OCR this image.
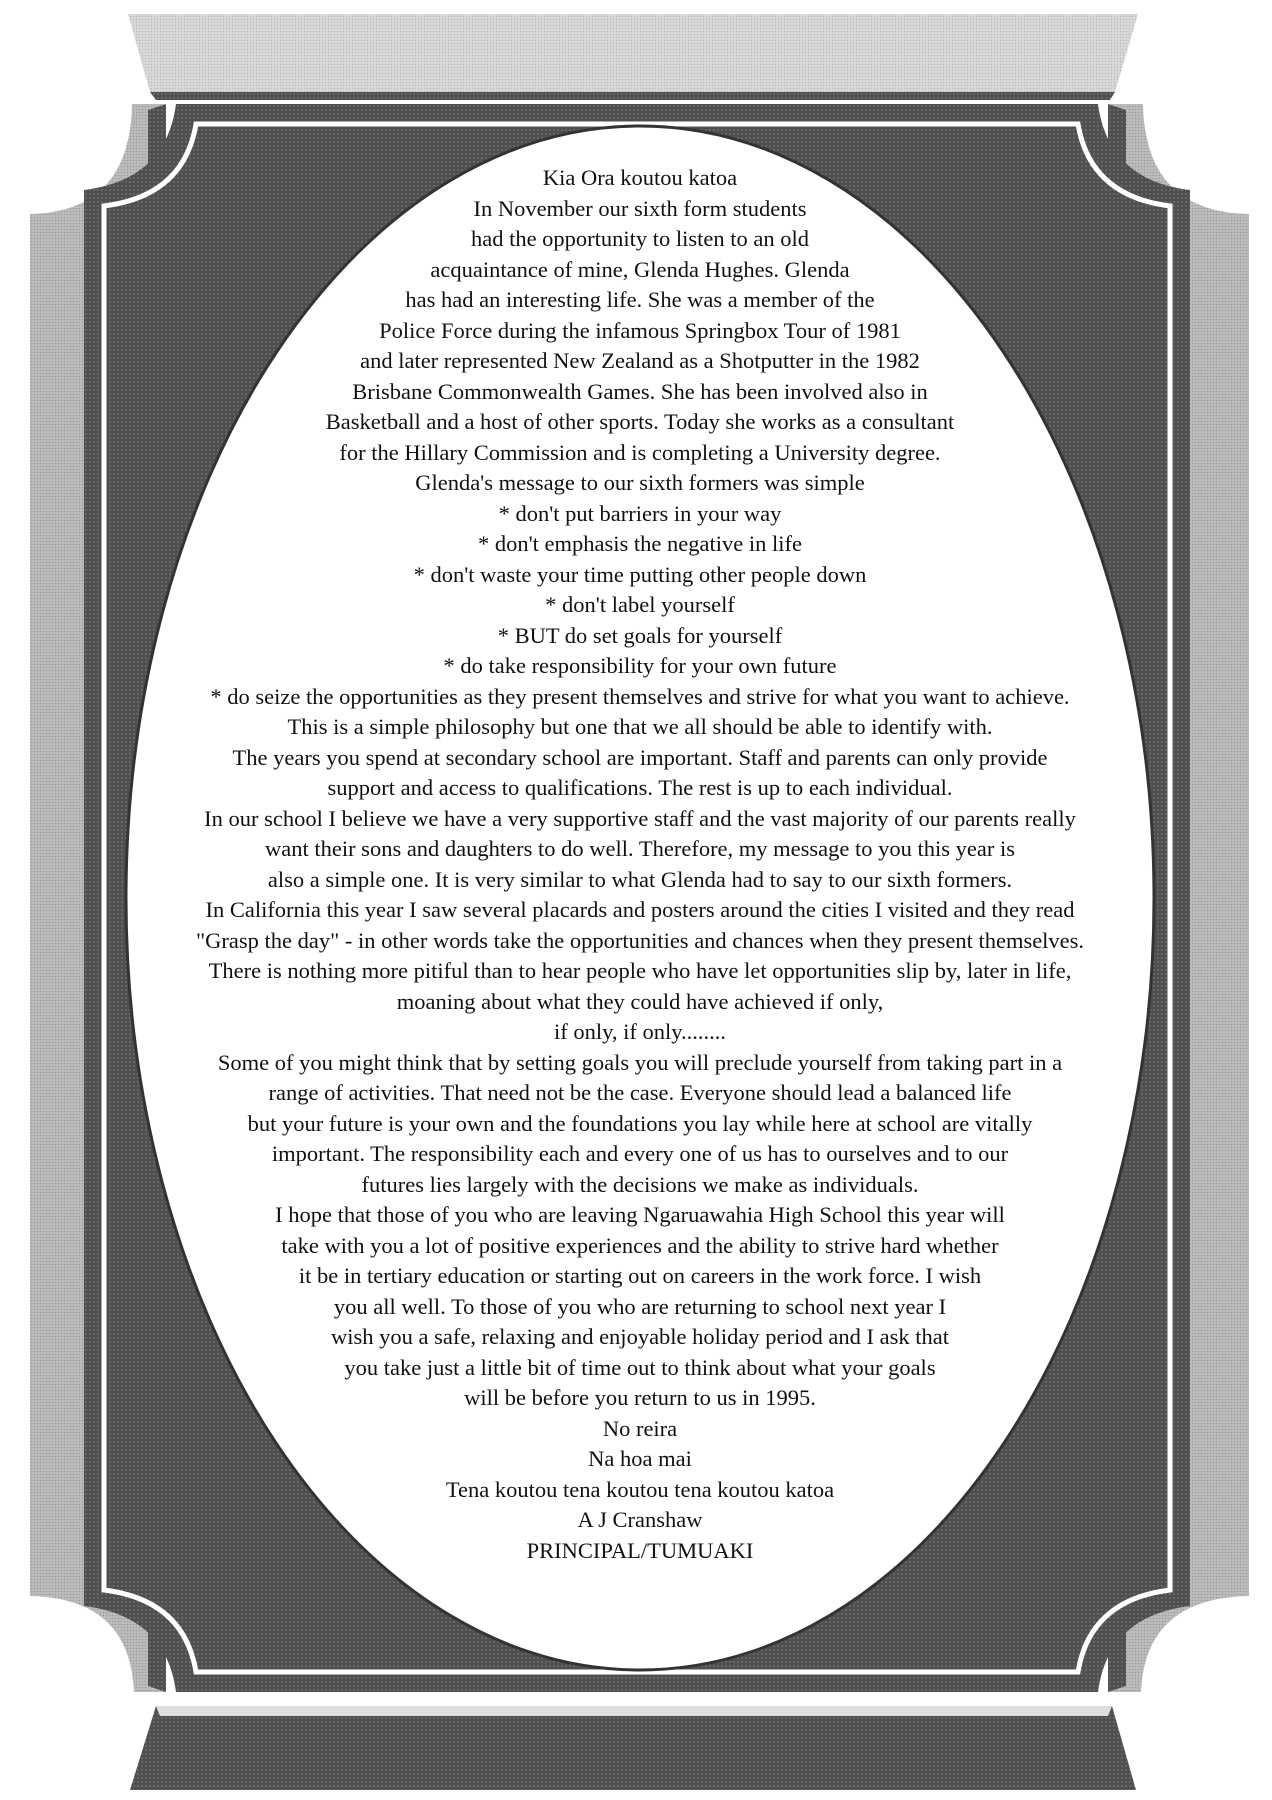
Kia Ora koutou katoa
In November our sixth form students
had the opportunity to listen to an old
acquaintance of mine, Glenda Hughes. Glenda
has had an interesting life. She was a member of the
Police Force during the infamous Springbox Tour of 1981
and later represented New Zealand as a Shotputter in the 1982
Brisbane Commonwealth Games. She has been involved also in
Basketball and a host of other sports. Today she works as a consultant
for the Hillary Commission and is completing a University degree.
Glenda's message to our sixth formers was simple
* don't put barriers in your way
* don't emphasis the negative in life
* don't waste your time putting other people down
* don't label yourself
* BUT do set goals for yourself
* do take responsibility for your own future
* do seize the opportunities as they present themselves and strive for what you want to achieve.
This is a simple philosophy but one that we all should be able to identify with.
The years you spend at secondary school are important. Staff and parents can only provide
support and access to qualifications. The rest is up to each individual.
In our school I believe we have a very supportive staff and the vast majority of our parents really
want their sons and daughters to do well. Therefore, my message to you this year is
also a simple one. It is very similar to what Glenda had to say to our sixth formers.
In California this year I saw several placards and posters around the cities I visited and they read
"Grasp the day" - in other words take the opportunities and chances when they present themselves.
There is nothing more pitiful than to hear people who have let opportunities slip by, later in life,
moaning about what they could have achieved if only,
if only, if only........
Some of you might think that by setting goals you will preclude yourself from taking part in a
range of activities. That need not be the case. Everyone should lead a balanced life
but your future is your own and the foundations you lay while here at school are vitally
important. The responsibility each and every one of us has to ourselves and to our
futures lies largely with the decisions we make as individuals.
I hope that those of you who are leaving Ngaruawahia High School this year will
take with you a lot of positive experiences and the ability to strive hard whether
it be in tertiary education or starting out on careers in the work force. I wish
you all well. To those of you who are returning to school next year I
wish you a safe, relaxing and enjoyable holiday period and I ask that
you take just a little bit of time out to think about what your goals
will be before you return to us in 1995.
No reira
Na hoa mai
Tena koutou tena koutou tena koutou katoa
A J Cranshaw
PRINCIPAL/TUMUAKI
